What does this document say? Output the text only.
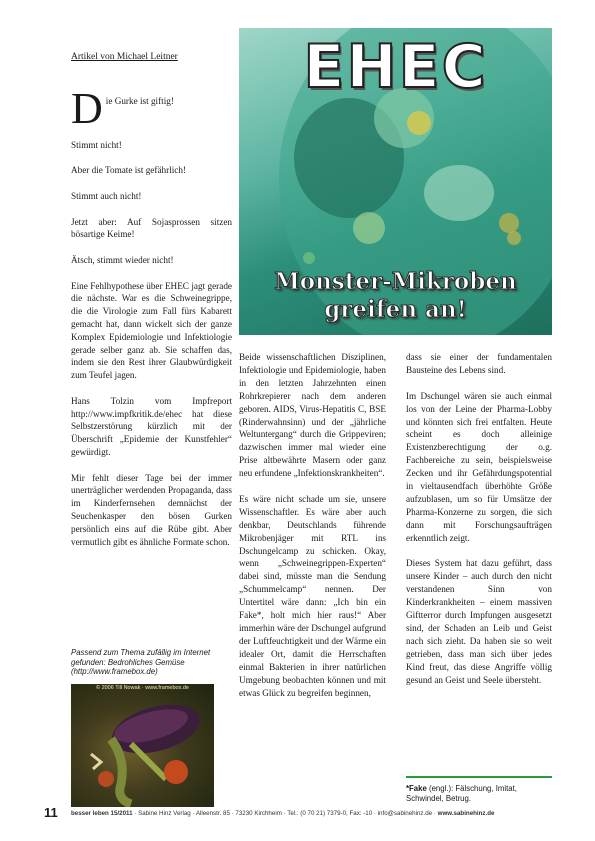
Artikel von Michael Leitner	EHEC
Monster-Mikroben
greifen an!

D ie Gurke ist giftig!

Stimmt nicht!

Aber die Tomate ist gefährlich!

Stimmt auch nicht!

Jetzt aber: Auf Sojasprossen sitzen bösartige Keime!

Ätsch, stimmt wieder nicht!

Eine Fehlhypothese über EHEC jagt gerade die nächste. War es die Schweinegrippe, die die Virologie zum Fall fürs Kabarett gemacht hat, dann wickelt sich der ganze Komplex Epidemiologie und Infektiologie gerade selber ganz ab. Sie schaffen das, indem sie den Rest ihrer Glaubwürdigkeit zum Teufel jagen.

Hans Tolzin vom Impfreport http://www.impfkritik.de/ehec hat diese Selbstzerstörung kürzlich mit der Überschrift „Epidemie der Kunstfehler“ gewürdigt.

Mir fehlt dieser Tage bei der immer unerträglicher werdenden Propaganda, dass im Kinderfernsehen demnächst der Seuchenkasper den bösen Gurken persönlich eins auf die Rübe gibt. Aber vermutlich gibt es ähnliche Formate schon.

Passend zum Thema zufällig im Internet gefunden: Bedrohliches Gemüse (http://www.framebox.de)
© 2006 Till Nowak · www.framebox.de

Beide wissenschaftlichen Disziplinen, Infektiologie und Epidemiologie, haben in den letzten Jahrzehnten einen Rohrkrepierer nach dem anderen geboren. AIDS, Virus-Hepatitis C, BSE (Rinderwahnsinn) und der „jährliche Weltuntergang“ durch die Grippeviren; dazwischen immer mal wieder eine Prise altbewährte Masern oder ganz neu erfundene „Infektionskrankheiten“.

Es wäre nicht schade um sie, unsere Wissenschaftler. Es wäre aber auch denkbar, Deutschlands führende Mikrobenjäger mit RTL ins Dschungelcamp zu schicken. Okay, wenn „Schweinegrippen-Experten“ dabei sind, müsste man die Sendung „Schummelcamp“ nennen. Der Untertitel wäre dann: „Ich bin ein Fake*, holt mich hier raus!“ Aber immerhin wäre der Dschungel aufgrund der Luftfeuchtigkeit und der Wärme ein idealer Ort, damit die Herrschaften einmal Bakterien in ihrer natürlichen Umgebung beobachten können und mit etwas Glück zu begreifen beginnen,

dass sie einer der fundamentalen Bausteine des Lebens sind.

Im Dschungel wären sie auch einmal los von der Leine der Pharma-Lobby und könnten sich frei entfalten. Heute scheint es doch alleinige Existenzberechtigung der o.g. Fachbereiche zu sein, beispielsweise Zecken und ihr Gefährdungspotential in vieltausendfach überhöhte Größe aufzublasen, um so für Umsätze der Pharma-Konzerne zu sorgen, die sich dann mit Forschungsaufträgen erkenntlich zeigt.

Dieses System hat dazu geführt, dass unsere Kinder – auch durch den nicht verstandenen Sinn von Kinderkrankheiten – einem massiven Giftterror durch Impfungen ausgesetzt sind, der Schaden an Leib und Geist nach sich zieht. Da haben sie so weit getrieben, dass man sich über jedes Kind freut, das diese Angriffe völlig gesund an Geist und Seele übersteht.

*Fake (engl.): Fälschung, Imitat, Schwindel, Betrug.
11 besser leben 15/2011 · Sabine Hinz Verlag · Alleenstr. 85 · 73230 Kirchheim · Tel.: (0 70 21) 7379-0, Fax: -10 · info@sabinehinz.de · www.sabinehinz.de
